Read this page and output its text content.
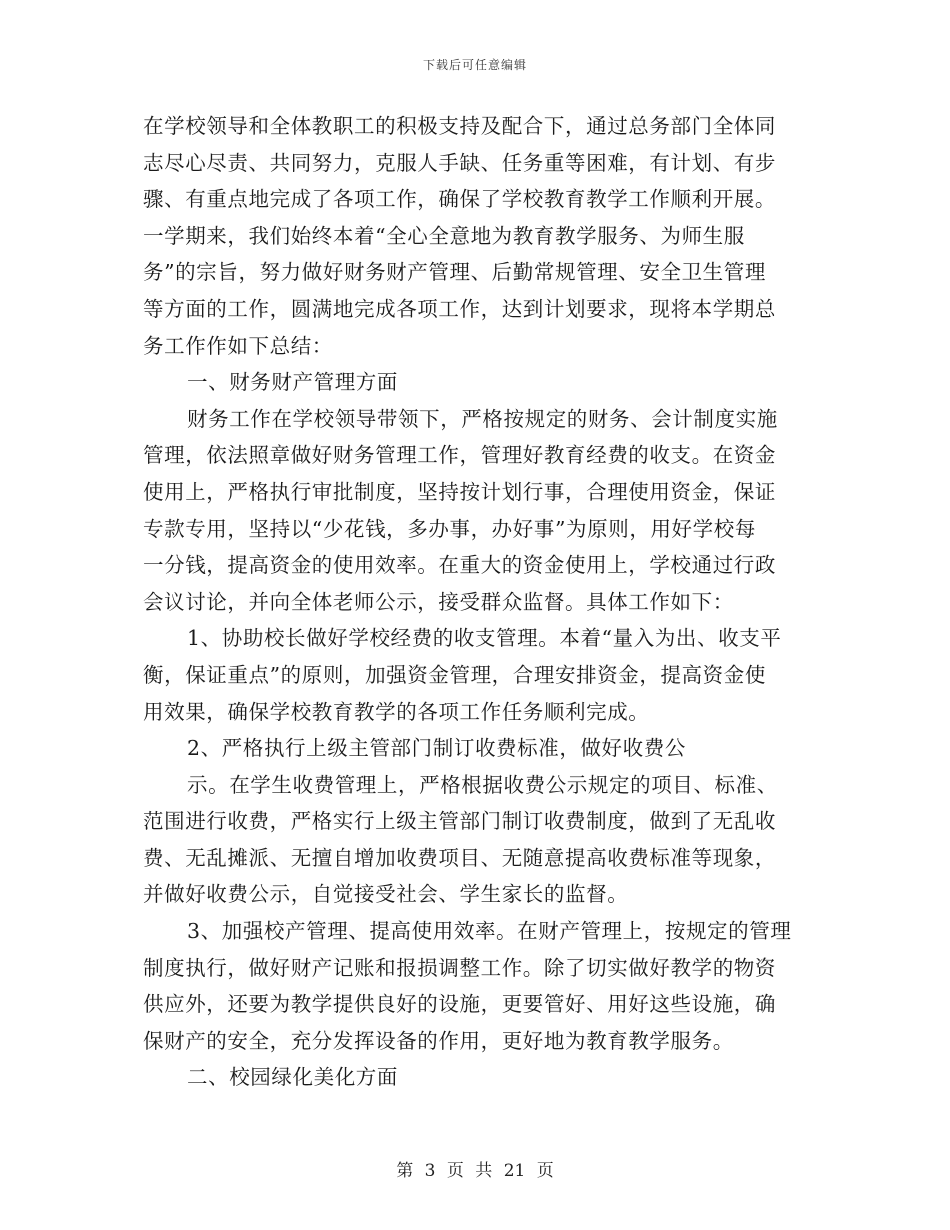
下载后可任意编辑
在学校领导和全体教职工的积极支持及配合下，通过总务部门全体同
志尽心尽责、共同努力，克服人手缺、任务重等困难，有计划、有步
骤、有重点地完成了各项工作，确保了学校教育教学工作顺利开展。
一学期来，我们始终本着“全心全意地为教育教学服务、为师生服
务”的宗旨，努力做好财务财产管理、后勤常规管理、安全卫生管理
等方面的工作，圆满地完成各项工作，达到计划要求，现将本学期总
务工作作如下总结：
一、财务财产管理方面
财务工作在学校领导带领下，严格按规定的财务、会计制度实施
管理，依法照章做好财务管理工作，管理好教育经费的收支。在资金
使用上，严格执行审批制度，坚持按计划行事，合理使用资金，保证
专款专用，坚持以“少花钱，多办事，办好事”为原则，用好学校每
一分钱，提高资金的使用效率。在重大的资金使用上，学校通过行政
会议讨论，并向全体老师公示，接受群众监督。具体工作如下：
1、协助校长做好学校经费的收支管理。本着“量入为出、收支平
衡，保证重点”的原则，加强资金管理，合理安排资金，提高资金使
用效果，确保学校教育教学的各项工作任务顺利完成。
2、严格执行上级主管部门制订收费标准，做好收费公
示。在学生收费管理上，严格根据收费公示规定的项目、标准、
范围进行收费，严格实行上级主管部门制订收费制度，做到了无乱收
费、无乱摊派、无擅自增加收费项目、无随意提高收费标准等现象，
并做好收费公示，自觉接受社会、学生家长的监督。
3、加强校产管理、提高使用效率。在财产管理上，按规定的管理
制度执行，做好财产记账和报损调整工作。除了切实做好教学的物资
供应外，还要为教学提供良好的设施，更要管好、用好这些设施，确
保财产的安全，充分发挥设备的作用，更好地为教育教学服务。
二、校园绿化美化方面
第 3 页 共 21 页
